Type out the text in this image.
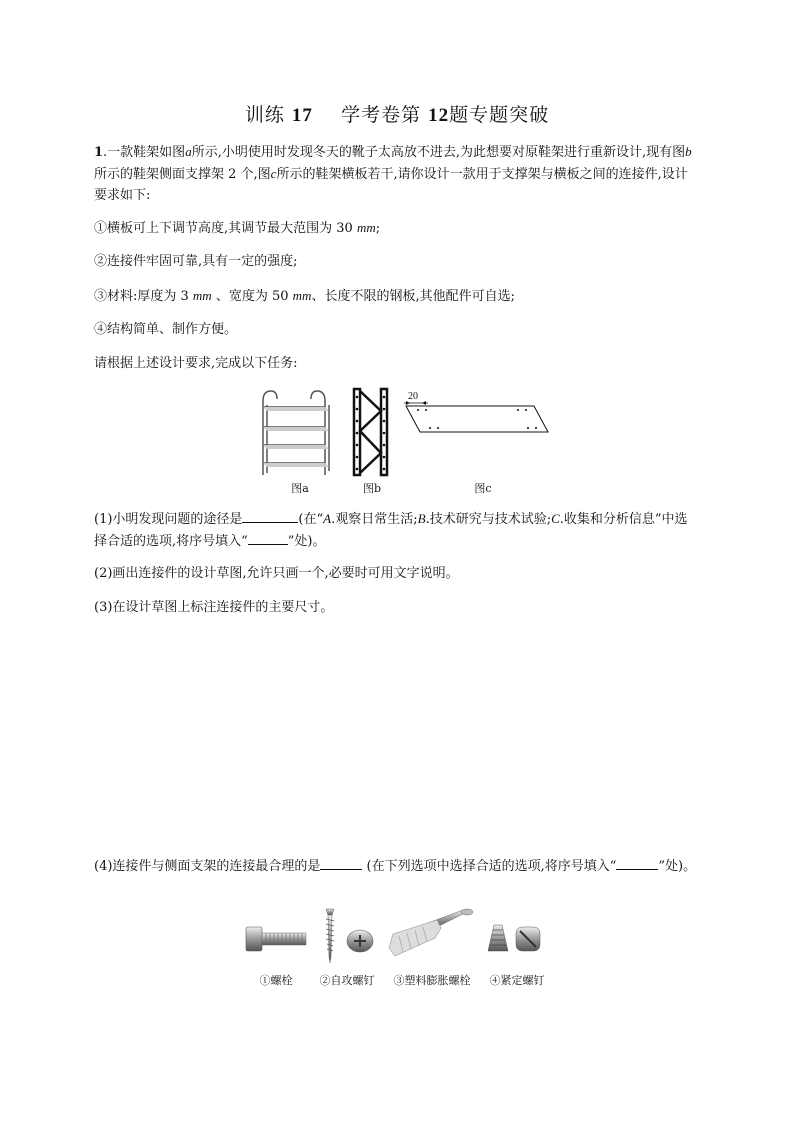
训练 17 学考卷第 12题专题突破
1.一款鞋架如图a所示,小明使用时发现冬天的靴子太高放不进去,为此想要对原鞋架进行重新设计,现有图b所示的鞋架侧面支撑架 2 个,图c所示的鞋架横板若干,请你设计一款用于支撑架与横板之间的连接件,设计要求如下:
①横板可上下调节高度,其调节最大范围为 30 mm;
②连接件牢固可靠,具有一定的强度;
③材料:厚度为 3 mm 、宽度为 50 mm、长度不限的钢板,其他配件可自选;
④结构简单、制作方便。
请根据上述设计要求,完成以下任务:
图a	图b
20
图c
(1)小明发现问题的途径是	(在“A.观察日常生活;B.技术研究与技术试验;C.收集和分析信息”中选择合适的选项,将序号填入“	”处)。
(2)画出连接件的设计草图,允许只画一个,必要时可用文字说明。
(3)在设计草图上标注连接件的主要尺寸。
(4)连接件与侧面支架的连接最合理的是	(在下列选项中选择合适的选项,将序号填入“	”处)。
①螺栓	②自攻螺钉	③塑料膨胀螺栓	④紧定螺钉
